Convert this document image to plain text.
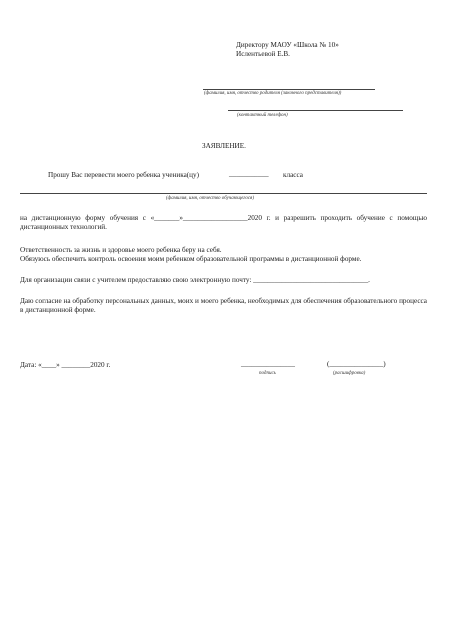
Директору МАОУ «Школа № 10»
Ислентьевой Е.В.
(фамилия, имя, отчество родителя (законного представителя))
(контактный телефон)
ЗАЯВЛЕНИЕ.
Прошу Вас перевести моего ребенка ученика(цу)	___________ класса
(фамилия, имя, отчество обучающегося)
на дистанционную форму обучения с «_______»__________________2020 г. и разрешить проходить обучение с помощью дистанционных технологий.
Ответственность за жизнь и здоровье моего ребенка беру на себя.
Обязуюсь обеспечить контроль освоения моим ребенком образовательной программы в дистанционной форме.
Для организации связи с учителем предоставляю свою электронную почту: ________________________________.
Даю согласие на обработку персональных данных, моих и моего ребенка, необходимых для обеспечения образовательного процесса в дистанционной форме.
Дата: «____» ________2020 г.	_______________	(_______________)
подпись	(расшифровка)
